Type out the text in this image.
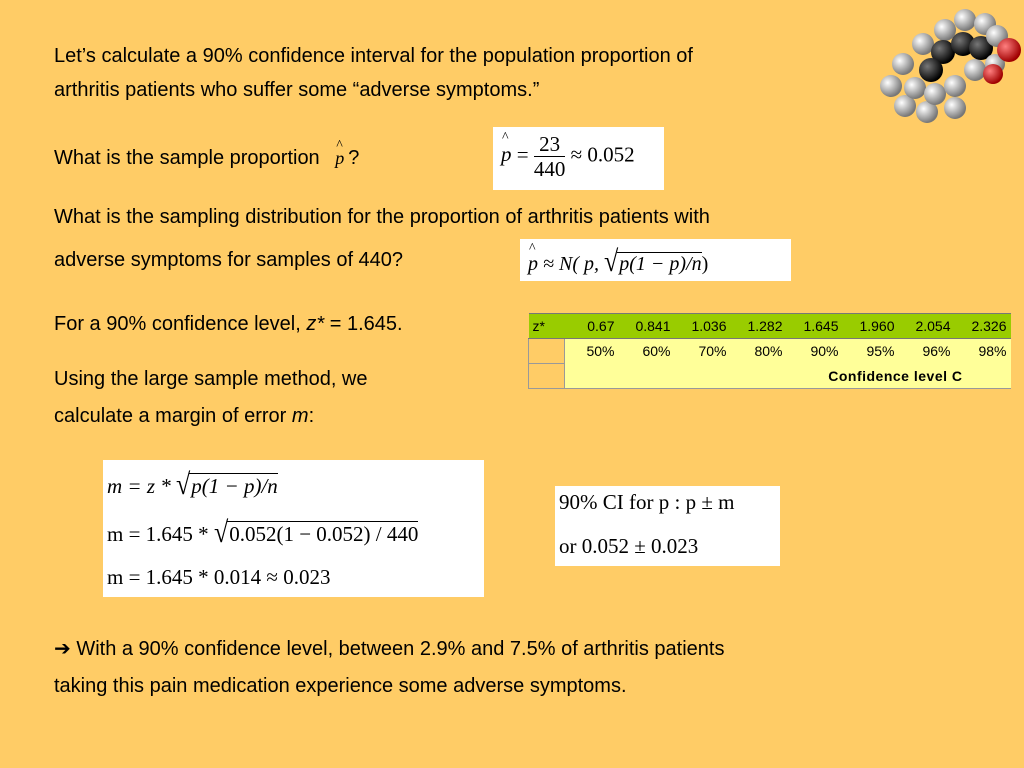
Let’s calculate a 90% confidence interval for the population proportion of
arthritis patients who suffer some “adverse symptoms.”
What is the sample proportion ^ p ?	^ $p = \frac{23}{440} \approx 0.052$
What is the sampling distribution for the proportion of arthritis patients with
adverse symptoms for samples of 440?	^ p ≈ N( p, √p(1 − p)/n)
For a 90% confidence level, z* = 1.645.	z*	0.67	0.841	1.036	1.282	1.645	1.960	2.054	2.326
	50%	60%	70%	80%	90%	95%	96%	98%
	Confidence level C							
Using the large sample method, we
calculate a margin of error m:
m = z * √p(1 − p)/n
m = 1.645 * √0.052(1 − 0.052) / 440
m = 1.645 * 0.014 ≈ 0.023
90% CI for p : p ± m
or 0.052 ± 0.023
➔ With a 90% confidence level, between 2.9% and 7.5% of arthritis patients
taking this pain medication experience some adverse symptoms.
